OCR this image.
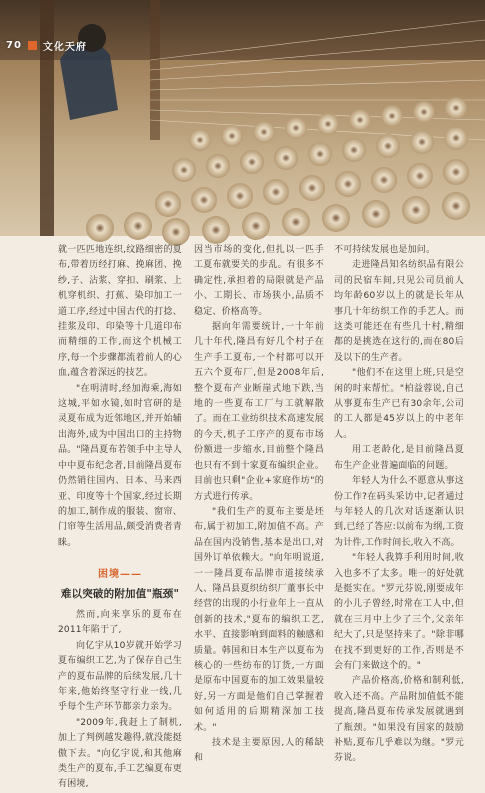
70 文化天府

就一匹匹地连织,纹路细密的夏布,带着历经打麻、挽麻团、挽纱,子、沾浆、穿扣、刷浆、上机穿机织、打蕉、染印加工一道工序,经过中国古代的打捻、挂浆及印、印染等十几道印布而精细的工作,而这个机械工序,每一个步骤都流着前人的心血,蕴含着深远的技艺。

"在明清时,经加海乘,海如这城,平如水镜,如时官研的是灵夏布成为近邻地区,并开始辅出海外,成为中国出口的主持物品。"隆昌夏布若领手中主导人中中夏布纪念者,目前隆昌夏布仍然销往国内、日本、马来西亚、印度等十个国家,经过长期的加工,制作成的服装、窗帘、门帘等生活用品,颇受消费者青睐。

困境——
难以突破的附加值"瓶颈"

然而,向来享乐的夏布在2011年陷于了,

向亿宇从10岁就开始学习夏布编织工艺,为了保存自己生产的夏布品牌的后续发展,几十年来,他始终坚守行业一线,几乎每个生产环节都亲力亲为。

"2009年,我赶上了制机,加上了判例越发趣得,就没能挺傲下去。"向亿宇说,和其他麻类生产的夏布,手工艺编夏布更有困境,

因当市场的变化,但扎以一匹手工夏布就要关的步乱。有很多不确定性,承担着的局限就是产品小、工期长、市场狭小,品质不稳定、价格高等。

据向年需要统计,一十年前几十年代,隆昌有好几个村子在生产手工夏布,一个村都可以开五六个夏布厂,但是2008年后,整个夏布产业断崖式地下跌,当地的一些夏布工厂与工就解散了。而在工业纺织技术高速发展的今天,机子工序产的夏布市场份额进一步缩水,目前整个隆昌也只有不到十家夏布编织企业。目前也只剩"企业+家庭作坊"的方式进行传承。

"我们生产的夏布主要是坯布,属于初加工,附加值不高。产品在国内没销售,基本是出口,对国外订单依赖大。"向年明说道,一一隆昌夏布品牌市道接续承人、隆昌县夏织纺织厂董事长中经营的出现的小行业年上一直从创新的技术,"夏布的编织工艺,水平、直接影响到面料的触感和质量。韩国和日本生产以夏布为核心的一些纺布的订货,一方面是原布中国夏布的加工效果量较好,另一方面是他们自己掌握着如何适用的后期精深加工技术。"

技术是主要原因,人的稀缺和

不可持续发展也是加问。

走进隆昌知名纺织品有限公司的民宿车间,只见公司员前人均年龄60岁以上的就是长年从事几十年纺织工作的手艺人。而这类可能还在有些几十村,精细都的是挑选在这行的,而在80后及以下的生产者。

"他们不在这里上班,只是空闲的时来帮忙。"柏益蓉说,自己从事夏布生产已有30余年,公司的工人都是45岁以上的中老年人。

用工老龄化,是目前隆昌夏布生产企业普遍面临的问题。

年轻人为什么不愿意从事这份工作?在码头采访中,记者通过与年轻人的几次对话逐渐认识到,已经了答应:以前布为纲,工资为计件,工作时间长,收入不高。

"年轻人我算手利用时间,收入也多不了太多。唯一的好处就是挺实在。"罗元芬说,刚要成年的小儿子曾经,时常在工人中,但就在三月中上少了三个,父亲年纪大了,只是坚持来了。"除非哪在找不到更好的工作,否则是不会有门来做这个的。"

产品价格高,价格和制利低,收入还不高。产品附加值低不能提高,隆昌夏布传承发展就遇到了瓶颈。"如果没有国家的鼓励补贴,夏布几乎难以为继。"罗元芬说。
